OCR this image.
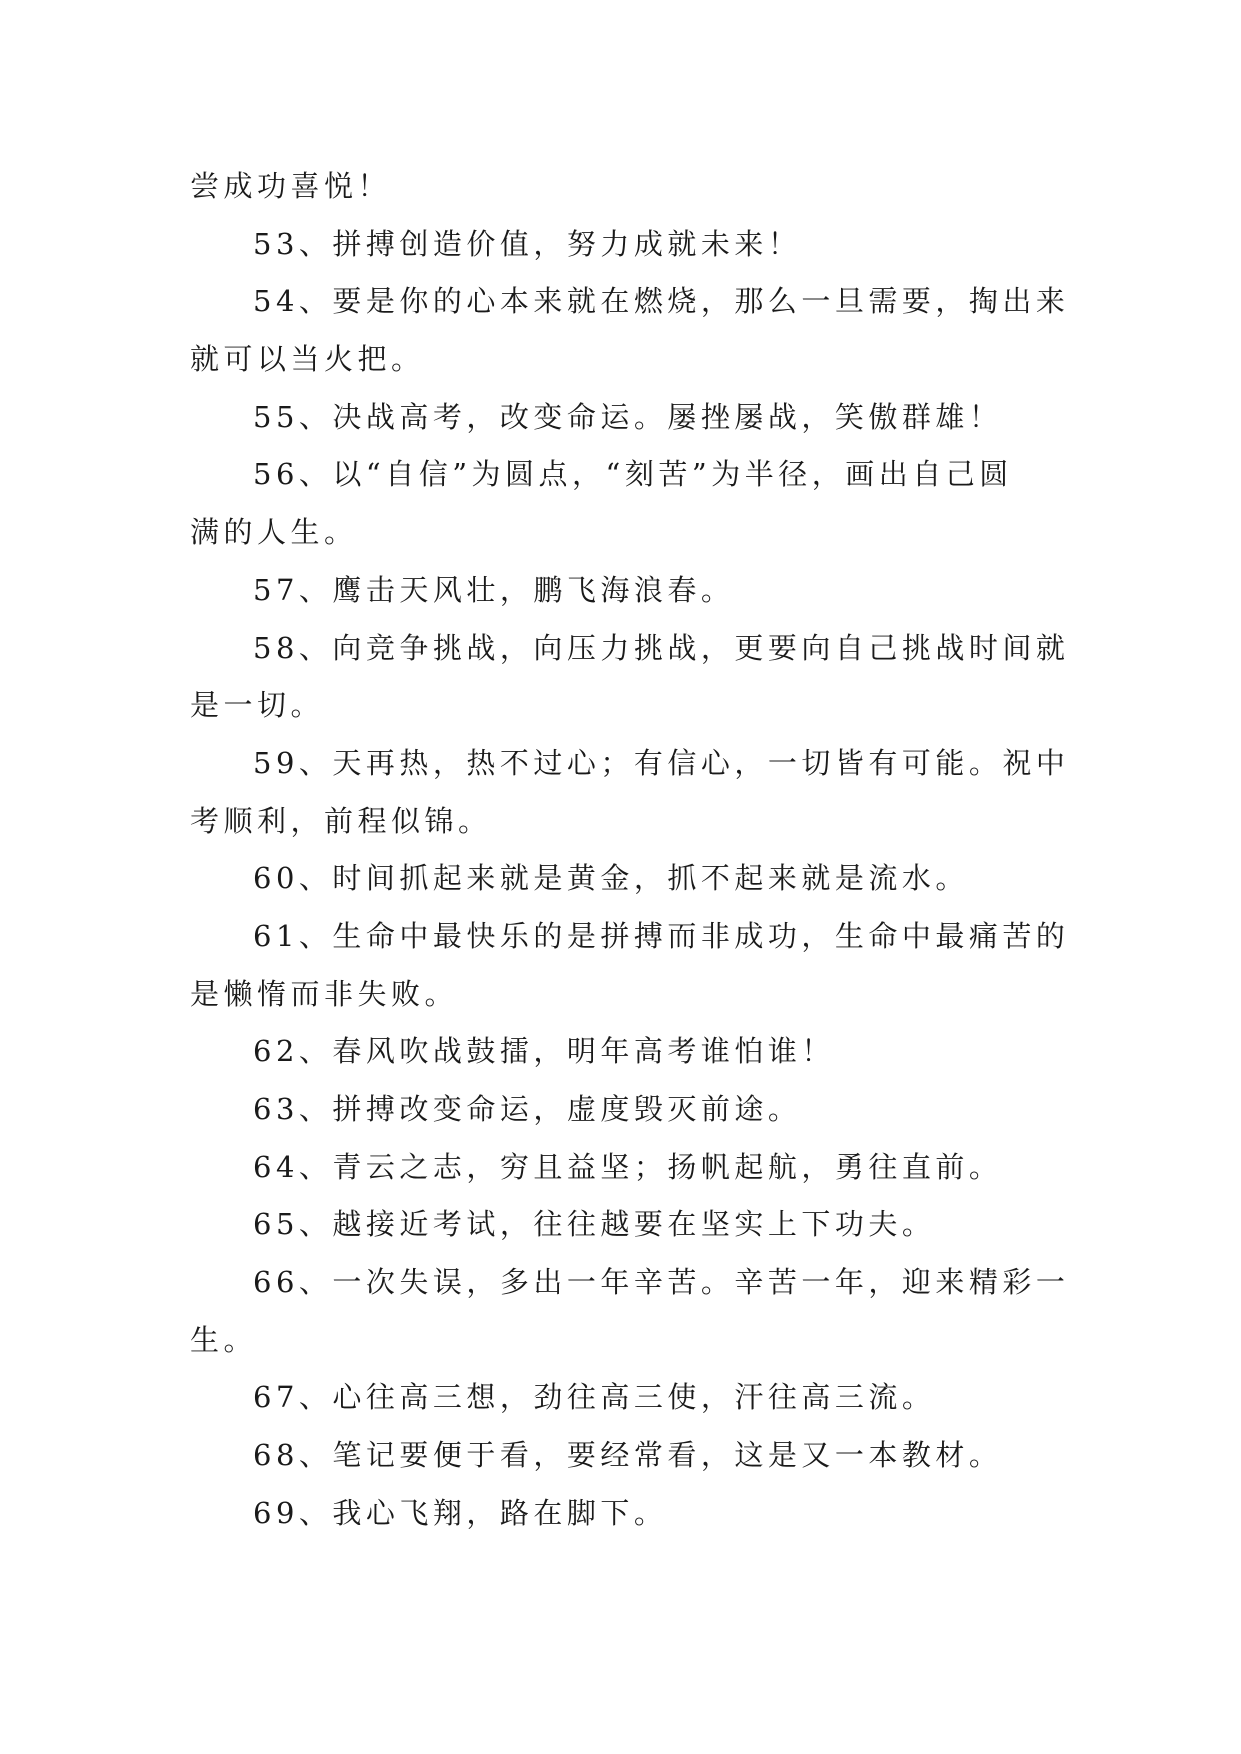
尝成功喜悦！
53、拼搏创造价值，努力成就未来！
54、要是你的心本来就在燃烧，那么一旦需要，掏出来
就可以当火把。
55、决战高考，改变命运。屡挫屡战，笑傲群雄！
56、以“自信”为圆点，“刻苦”为半径，画出自己圆
满的人生。
57、鹰击天风壮，鹏飞海浪春。
58、向竞争挑战，向压力挑战，更要向自己挑战时间就
是一切。
59、天再热，热不过心；有信心，一切皆有可能。祝中
考顺利，前程似锦。
60、时间抓起来就是黄金，抓不起来就是流水。
61、生命中最快乐的是拼搏而非成功，生命中最痛苦的
是懒惰而非失败。
62、春风吹战鼓擂，明年高考谁怕谁！
63、拼搏改变命运，虚度毁灭前途。
64、青云之志，穷且益坚；扬帆起航，勇往直前。
65、越接近考试，往往越要在坚实上下功夫。
66、一次失误，多出一年辛苦。辛苦一年，迎来精彩一
生。
67、心往高三想，劲往高三使，汗往高三流。
68、笔记要便于看，要经常看，这是又一本教材。
69、我心飞翔，路在脚下。
